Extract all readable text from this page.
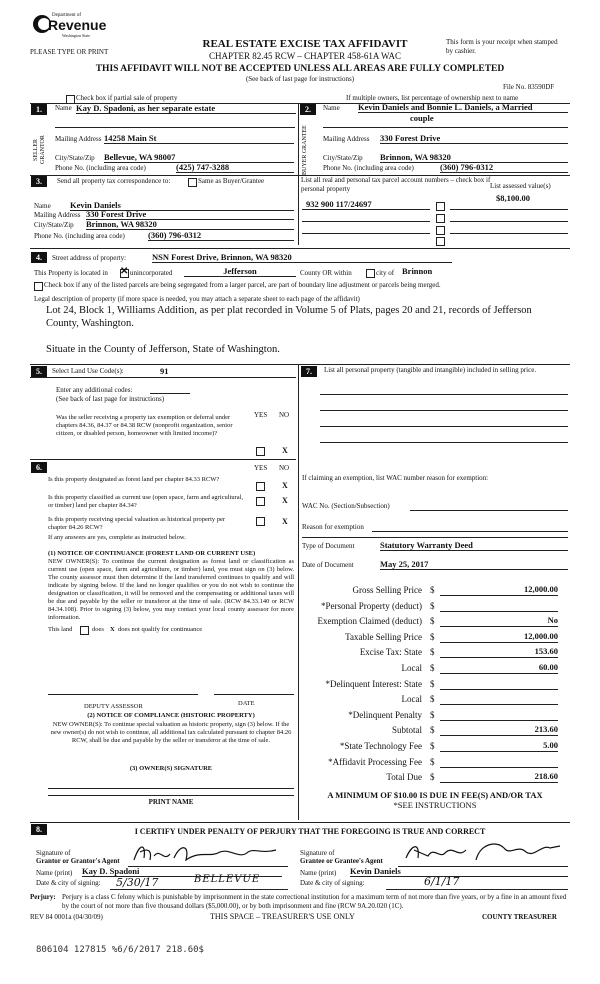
Department of
Revenue
Washington State
PLEASE TYPE OR PRINT
REAL ESTATE EXCISE TAX AFFIDAVIT
CHAPTER 82.45 RCW – CHAPTER 458-61A WAC
This form is your receipt when stamped by cashier.
THIS AFFIDAVIT WILL NOT BE ACCEPTED UNLESS ALL AREAS ARE FULLY COMPLETED
(See back of last page for instructions)
File No. 83590DF
Check box if partial sale of property	If multiple owners, list percentage of ownership next to name
1.
SELLER GRANTOR
Name Kay D. Spadoni, as her separate estate
Mailing Address 14258 Main St
City/State/Zip Bellevue, WA 98007
Phone No. (including area code)	(425) 747-3288
2.
BUYER GRANTEE
Name Kevin Daniels and Bonnie L. Daniels, a Married
couple
Mailing Address 330 Forest Drive
City/State/Zip Brinnon, WA 98320
Phone No. (including area code)	(360) 796-0312
3.	Send all property tax correspondence to:	Same as Buyer/Grantee	List all real and personal tax parcel account numbers – check box if personal property	List assessed value(s)
$8,100.00
Name Kevin Daniels
Mailing Address 330 Forest Drive
City/State/Zip Brinnon, WA 98320
Phone No. (including area code)	(360) 796-0312
932 900 117/24697
4.	Street address of property:	NSN Forest Drive, Brinnon, WA 98320
This Property is located in ✕ unincorporated	Jefferson	County OR within	city of Brinnon
Check box if any of the listed parcels are being segregated from a larger parcel, are part of boundary line adjustment or parcels being merged.
Legal description of property (if more space is needed, you may attach a separate sheet to each page of the affidavit)
Lot 24, Block 1, Williams Addition, as per plat recorded in Volume 5 of Plats, pages 20 and 21, records of Jefferson County, Washington.
Situate in the County of Jefferson, State of Washington.
5.	Select Land Use Code(s):	91
Enter any additional codes:
(See back of last page for instructions)
YES NO
Was the seller receiving a property tax exemption or deferral under chapters 84.36, 84.37 or 84.38 RCW (nonprofit organization, senior citizen, or disabled person, homeowner with limited income)?
X
6.	YES NO
Is this property designated as forest land per chapter 84.33 RCW?
X
Is this property classified as current use (open space, farm and agricultural, or timber) land per chapter 84.34?
X
Is this property receiving special valuation as historical property per chapter 84.26 RCW?
X
If any answers are yes, complete as instructed below.
(1) NOTICE OF CONTINUANCE (FOREST LAND OR CURRENT USE)
NEW OWNER(S): To continue the current designation as forest land or classification as current use (open space, farm and agriculture, or timber) land, you must sign on (3) below. The county assessor must then determine if the land transferred continues to qualify and will indicate by signing below. If the land no longer qualifies or you do not wish to continue the designation or classification, it will be removed and the compensating or additional taxes will be due and payable by the seller or transferor at the time of sale. (RCW 84.33.140 or RCW 84.34.108). Prior to signing (3) below, you may contact your local county assessor for more information.
This land	does X does not qualify for continuance
DEPUTY ASSESSOR	DATE
(2) NOTICE OF COMPLIANCE (HISTORIC PROPERTY)
NEW OWNER(S): To continue special valuation as historic property, sign (3) below. If the new owner(s) do not wish to continue, all additional tax calculated pursuant to chapter 84.26 RCW, shall be due and payable by the seller or transferor at the time of sale.
(3) OWNER(S) SIGNATURE
PRINT NAME
7.	List all personal property (tangible and intangible) included in selling price.
If claiming an exemption, list WAC number reason for exemption:
WAC No. (Section/Subsection)
Reason for exemption
Type of Document	Statutory Warranty Deed
Date of Document	May 25, 2017
Gross Selling Price $	12,000.00
*Personal Property (deduct) $
Exemption Claimed (deduct) $	No
Taxable Selling Price $	12,000.00
Excise Tax: State $	153.60
Local $	60.00
*Delinquent Interest: State $
Local $
*Delinquent Penalty $
Subtotal $	213.60
*State Technology Fee $	5.00
*Affidavit Processing Fee $
Total Due $	218.60
A MINIMUM OF $10.00 IS DUE IN FEE(S) AND/OR TAX
*SEE INSTRUCTIONS
8.	I CERTIFY UNDER PENALTY OF PERJURY THAT THE FOREGOING IS TRUE AND CORRECT
Signature of
Grantor or Grantor's Agent
Name (print) Kay D. Spadoni
Date & city of signing: 5/30/17	BELLEVUE
Signature of
Grantee or Grantee's Agent
Name (print) Kevin Daniels
Date & city of signing:	6/1/17
Perjury: Perjury is a class C felony which is punishable by imprisonment in the state correctional institution for a maximum term of not more than five years, or by a fine in an amount fixed by the court of not more than five thousand dollars ($5,000.00), or by both imprisonment and fine (RCW 9A.20.020 (1C).
REV 84 0001a (04/30/09)	THIS SPACE – TREASURER'S USE ONLY	COUNTY TREASURER
806104 127815 %6/6/2017 218.60$
